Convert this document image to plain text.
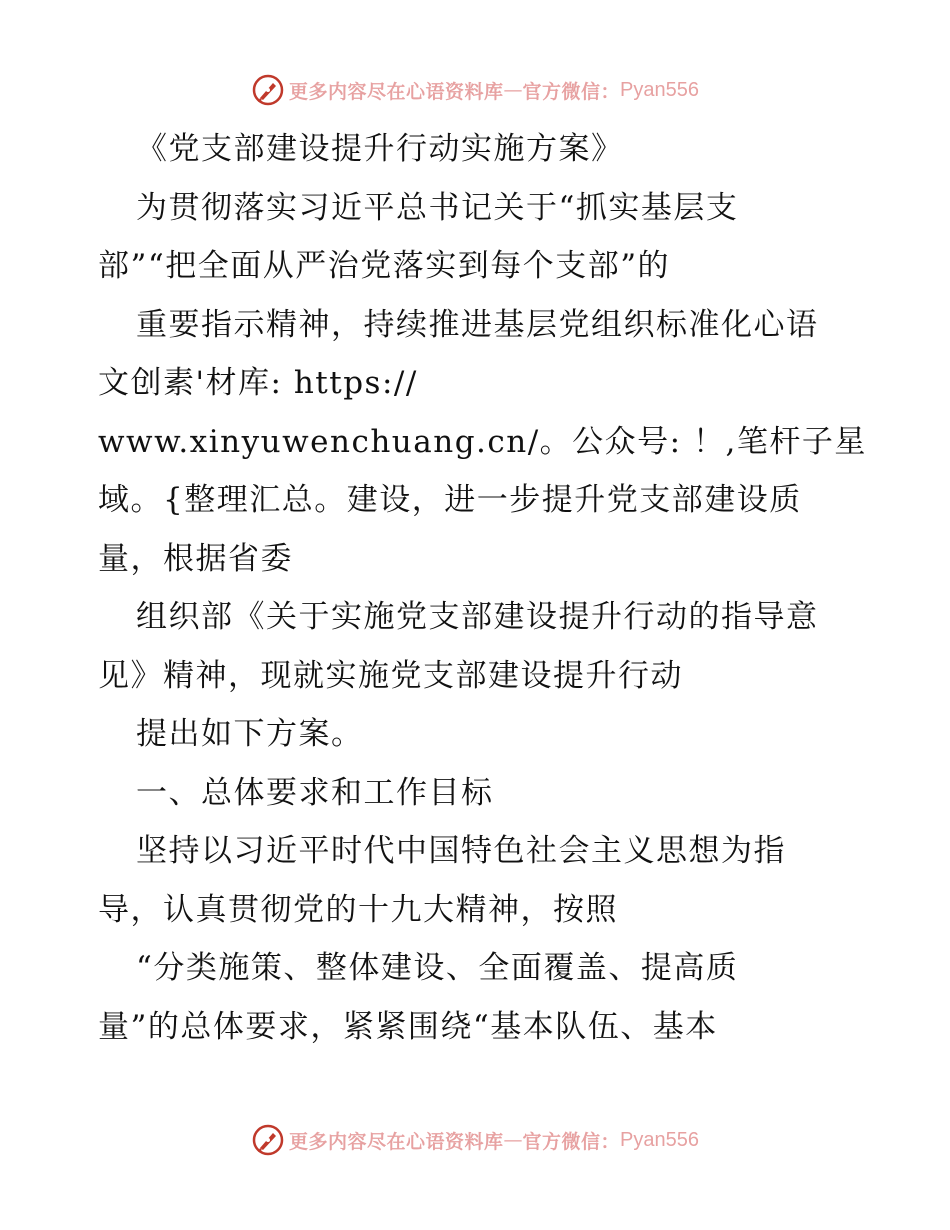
更多内容尽在心语资料库 — 官方微信： Pyan556
《党支部建设提升行动实施方案》
为贯彻落实习近平总书记关于“抓实基层支
部”“把全面从严治党落实到每个支部”的
重要指示精神，持续推进基层党组织标准化心语
文创素'材库: https://
www.xinyuwenchuang.cn/。公众号: ！,笔杆子星
域。{整理汇总。建设，进一步提升党支部建设质
量，根据省委
组织部《关于实施党支部建设提升行动的指导意
见》精神，现就实施党支部建设提升行动
提出如下方案。
一、总体要求和工作目标
坚持以习近平时代中国特色社会主义思想为指
导，认真贯彻党的十九大精神，按照
“分类施策、整体建设、全面覆盖、提高质
量”的总体要求，紧紧围绕“基本队伍、基本
更多内容尽在心语资料库 — 官方微信： Pyan556
